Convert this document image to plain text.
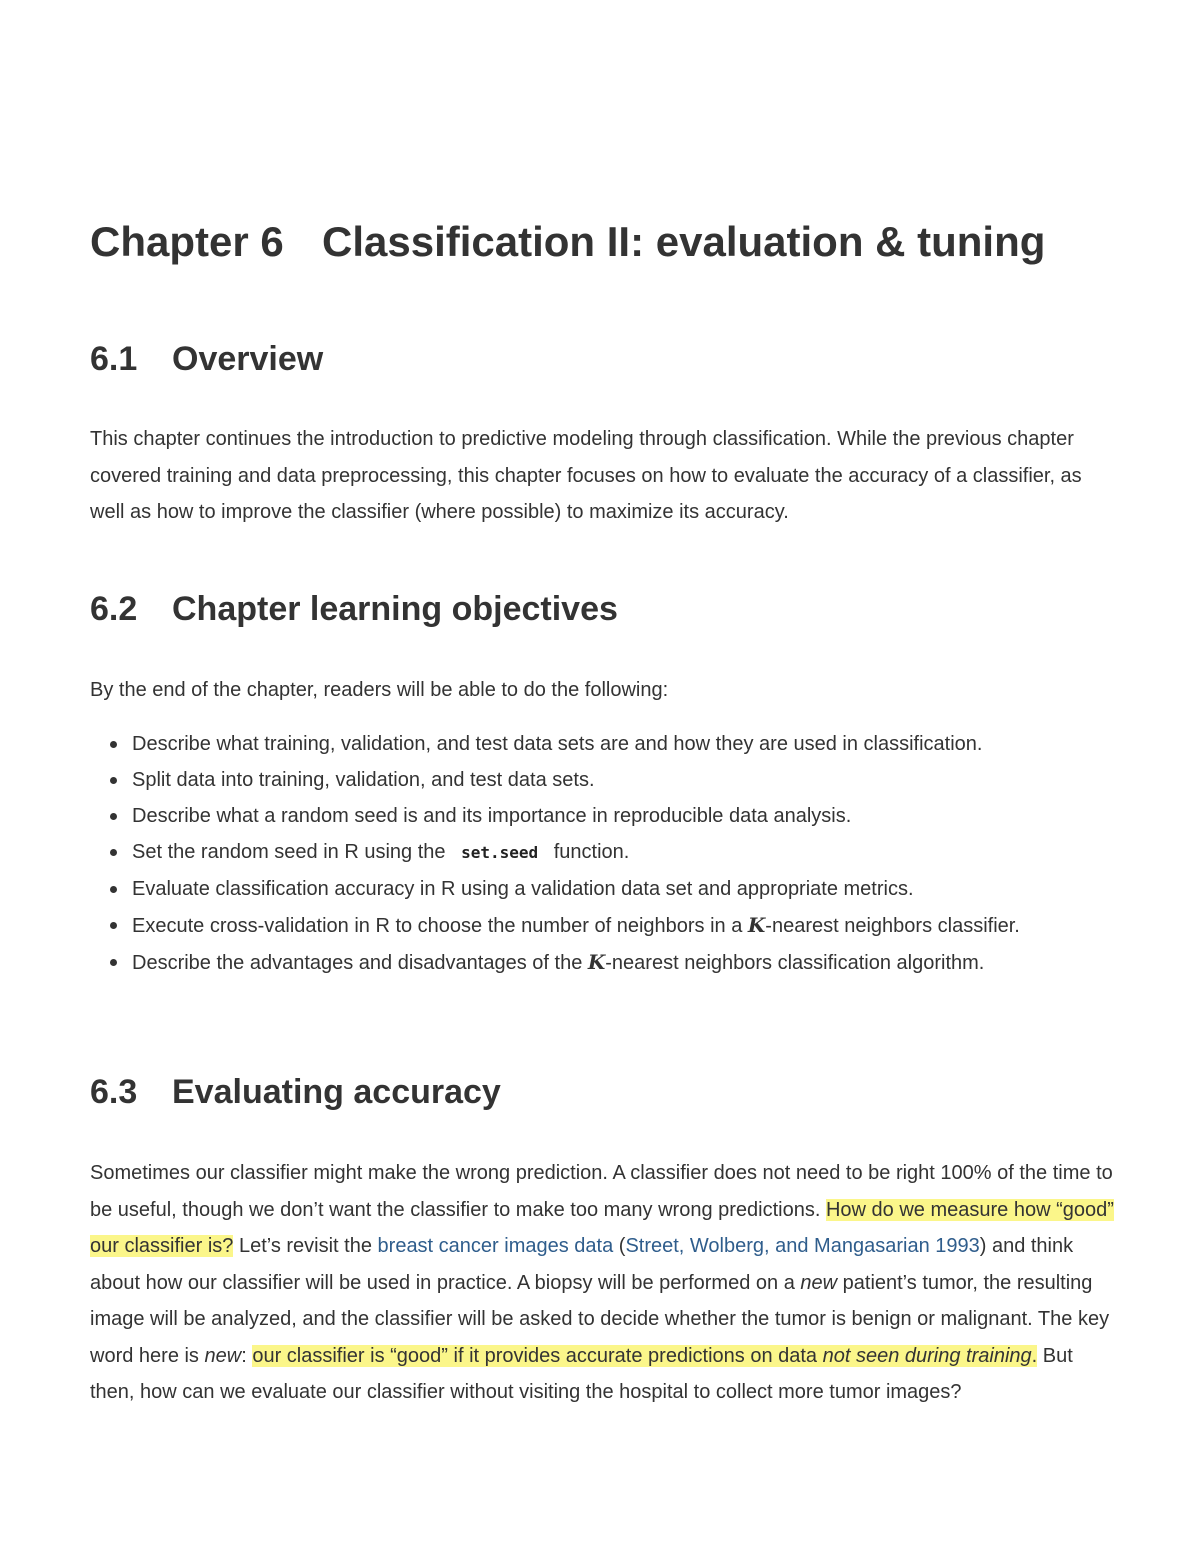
Chapter 6 Classification II: evaluation & tuning
6.1 Overview

This chapter continues the introduction to predictive modeling through classification. While the previous chapter covered training and data preprocessing, this chapter focuses on how to evaluate the accuracy of a classifier, as well as how to improve the classifier (where possible) to maximize its accuracy.

6.2 Chapter learning objectives

By the end of the chapter, readers will be able to do the following:

Describe what training, validation, and test data sets are and how they are used in classification.
Split data into training, validation, and test data sets.
Describe what a random seed is and its importance in reproducible data analysis.
Set the random seed in R using the set.seed function.
Evaluate classification accuracy in R using a validation data set and appropriate metrics.
Execute cross-validation in R to choose the number of neighbors in a K-nearest neighbors classifier.
Describe the advantages and disadvantages of the K-nearest neighbors classification algorithm.
6.3 Evaluating accuracy

Sometimes our classifier might make the wrong prediction. A classifier does not need to be right 100% of the time to be useful, though we don’t want the classifier to make too many wrong predictions. How do we measure how “good” our classifier is? Let’s revisit the breast cancer images data (Street, Wolberg, and Mangasarian 1993) and think about how our classifier will be used in practice. A biopsy will be performed on a new patient’s tumor, the resulting image will be analyzed, and the classifier will be asked to decide whether the tumor is benign or malignant. The key word here is new: our classifier is “good” if it provides accurate predictions on data not seen during training. But then, how can we evaluate our classifier without visiting the hospital to collect more tumor images?
